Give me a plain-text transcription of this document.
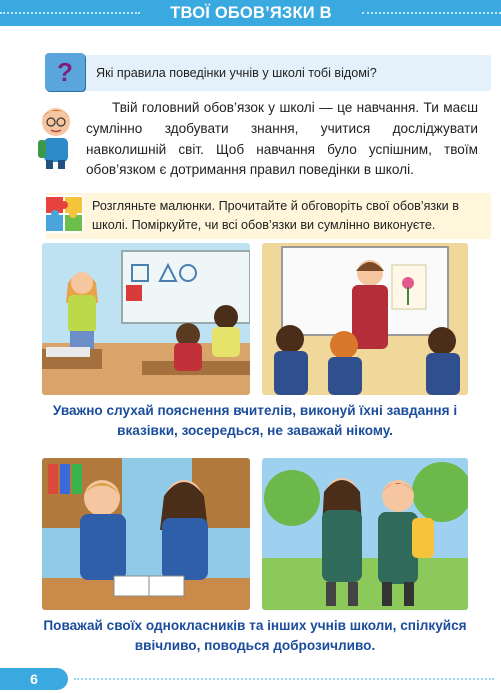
ТВОЇ ОБОВ’ЯЗКИ В ШКОЛІ
?	Які правила поведінки учнів у школі тобі відомі?
Твій головний обов’язок у школі — це навчання. Ти маєш сумлінно здобувати знання, учитися досліджувати навколишній світ. Щоб навчання було успішним, твоїм обов’язком є дотримання правил поведінки в школі.
Розгляньте малюнки. Прочитайте й обговоріть свої обов’язки в школі. Поміркуйте, чи всі обов’язки ви сумлінно виконуєте.
Уважно слухай пояснення вчителів, виконуй їхні завдання і вказівки, зосередься, не заважай нікому.
Поважай своїх однокласників та інших учнів школи, спілкуйся ввічливо, поводься доброзичливо.
6
